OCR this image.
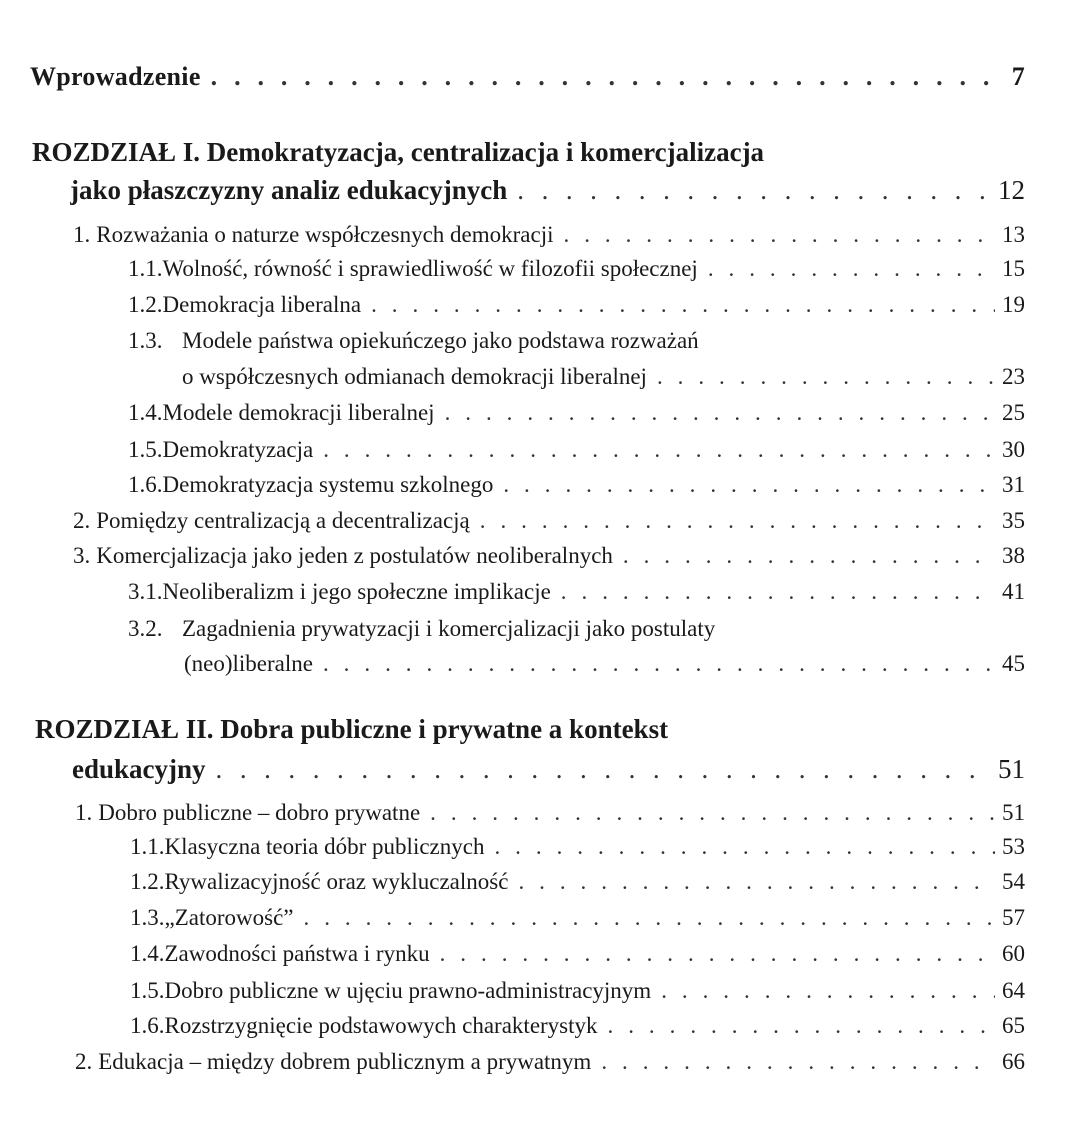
Wprowadzenie . . .	7
ROZDZIAŁ I. Demokratyzacja, centralizacja i komercjalizacja
jako płaszczyzny analiz edukacyjnych . . .	12
1. Rozważania o naturze współczesnych demokracji . . .	13
1.1. Wolność, równość i sprawiedliwość w filozofii społecznej . . .	15
1.2. Demokracja liberalna . . .	19
1.3. Modele państwa opiekuńczego jako podstawa rozważań
o współczesnych odmianach demokracji liberalnej . . .	23
1.4. Modele demokracji liberalnej . . .	25
1.5. Demokratyzacja . . .	30
1.6. Demokratyzacja systemu szkolnego . . .	31
2. Pomiędzy centralizacją a decentralizacją . . .	35
3. Komercjalizacja jako jeden z postulatów neoliberalnych . . .	38
3.1. Neoliberalizm i jego społeczne implikacje . . .	41
3.2. Zagadnienia prywatyzacji i komercjalizacji jako postulaty
(neo)liberalne . . .	45
ROZDZIAŁ II. Dobra publiczne i prywatne a kontekst
edukacyjny . . .	51
1. Dobro publiczne – dobro prywatne . . .	51
1.1. Klasyczna teoria dóbr publicznych . . .	53
1.2. Rywalizacyjność oraz wykluczalność . . .	54
1.3. „Zatorowość” . . .	57
1.4. Zawodności państwa i rynku . . .	60
1.5. Dobro publiczne w ujęciu prawno-administracyjnym . . .	64
1.6. Rozstrzygnięcie podstawowych charakterystyk . . .	65
2. Edukacja – między dobrem publicznym a prywatnym . . .	66
